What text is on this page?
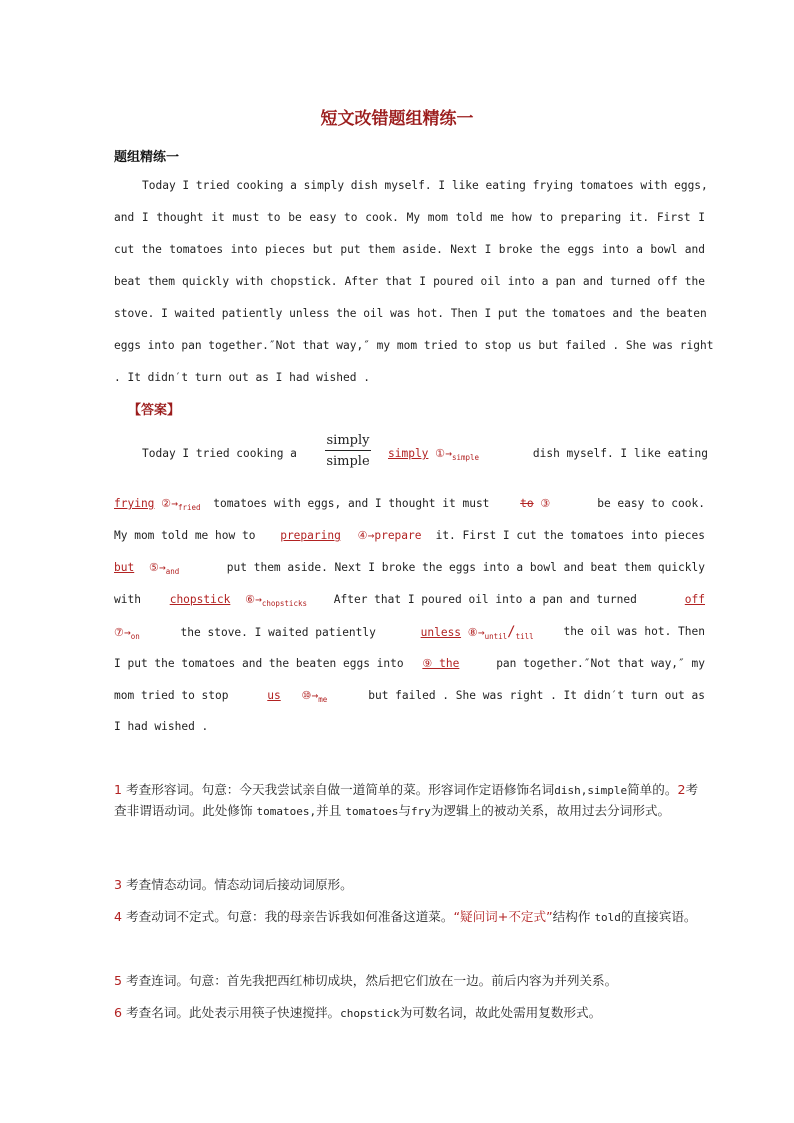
短文改错题组精练一
题组精练一
Today I tried cooking a simply dish myself. I like eating frying tomatoes with eggs,
and I thought it must to be easy to cook. My mom told me how to preparing it. First I
cut the tomatoes into pieces but put them aside. Next I broke the eggs into a bowl and
beat them quickly with chopstick. After that I poured oil into a pan and turned off the
stove. I waited patiently unless the oil was hot. Then I put the tomatoes and the beaten
eggs into pan together.″Not that way,″ my mom tried to stop us but failed . She was right
. It didn′t turn out as I had wished .
【答案】
simply
simple
Today I tried cooking a	simply $①\to_{simple}$	dish myself. I like eating
frying $②\to_{fried}$ tomatoes with eggs, and I thought it must	to ③	be easy to cook.
My mom told me how to preparing ④→prepare it. First I cut the tomatoes into pieces
but $⑤\to_{and}$	put them aside. Next I broke the eggs into a bowl and beat them quickly
with	chopstick $⑥\to_{chopsticks}$ After that I poured oil into a pan and turned	off
$⑦\to_{on}$	the stove. I waited patiently	unless $⑧\to_{until}/_{till}$	the oil was hot. Then
I put the tomatoes and the beaten eggs into ⑨ the	pan together.″Not that way,″ my
mom tried to stop	us $⑩\to_{me}$	but failed . She was right . It didn′t turn out as
I had wished .
1 考查形容词。句意：今天我尝试亲自做一道简单的菜。形容词作定语修饰名词dish,simple简单的。2考查非谓语动词。此处修饰 tomatoes,并且 tomatoes与fry为逻辑上的被动关系，故用过去分词形式。
3 考查情态动词。情态动词后接动词原形。
4 考查动词不定式。句意：我的母亲告诉我如何准备这道菜。“疑问词+不定式”结构作 told的直接宾语。
5 考查连词。句意：首先我把西红柿切成块，然后把它们放在一边。前后内容为并列关系。
6 考查名词。此处表示用筷子快速搅拌。chopstick为可数名词，故此处需用复数形式。
